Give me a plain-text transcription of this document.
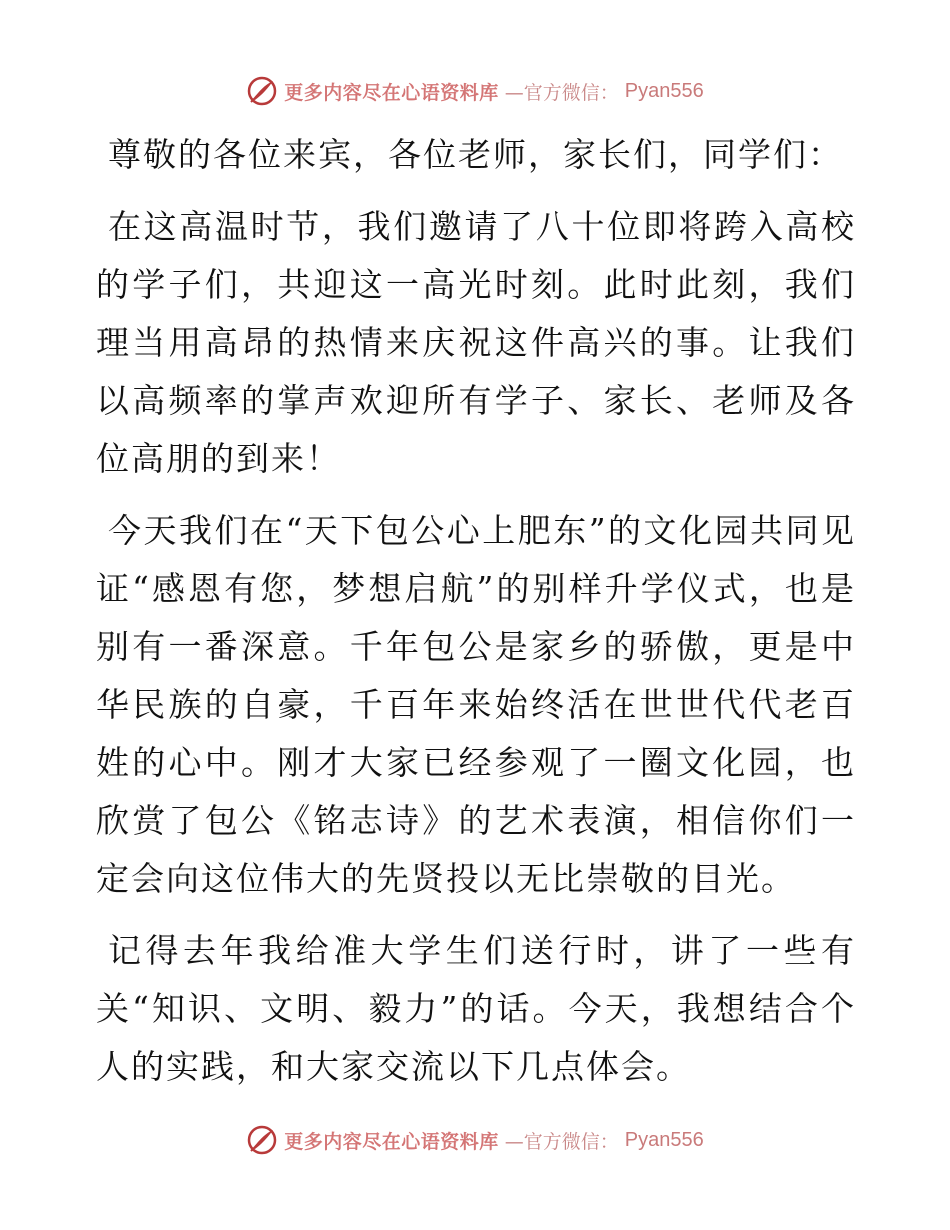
更多内容尽在心语资料库 —官方微信： Pyan556

尊敬的各位来宾，各位老师，家长们，同学们：

在这高温时节，我们邀请了八十位即将跨入高校的学子们，共迎这一高光时刻。此时此刻，我们理当用高昂的热情来庆祝这件高兴的事。让我们以高频率的掌声欢迎所有学子、家长、老师及各位高朋的到来！

今天我们在“天下包公心上肥东”的文化园共同见证“感恩有您，梦想启航”的别样升学仪式，也是别有一番深意。千年包公是家乡的骄傲，更是中华民族的自豪，千百年来始终活在世世代代老百姓的心中。刚才大家已经参观了一圈文化园，也欣赏了包公《铭志诗》的艺术表演，相信你们一定会向这位伟大的先贤投以无比崇敬的目光。

记得去年我给准大学生们送行时，讲了一些有关“知识、文明、毅力”的话。今天，我想结合个人的实践，和大家交流以下几点体会。

更多内容尽在心语资料库 —官方微信： Pyan556
